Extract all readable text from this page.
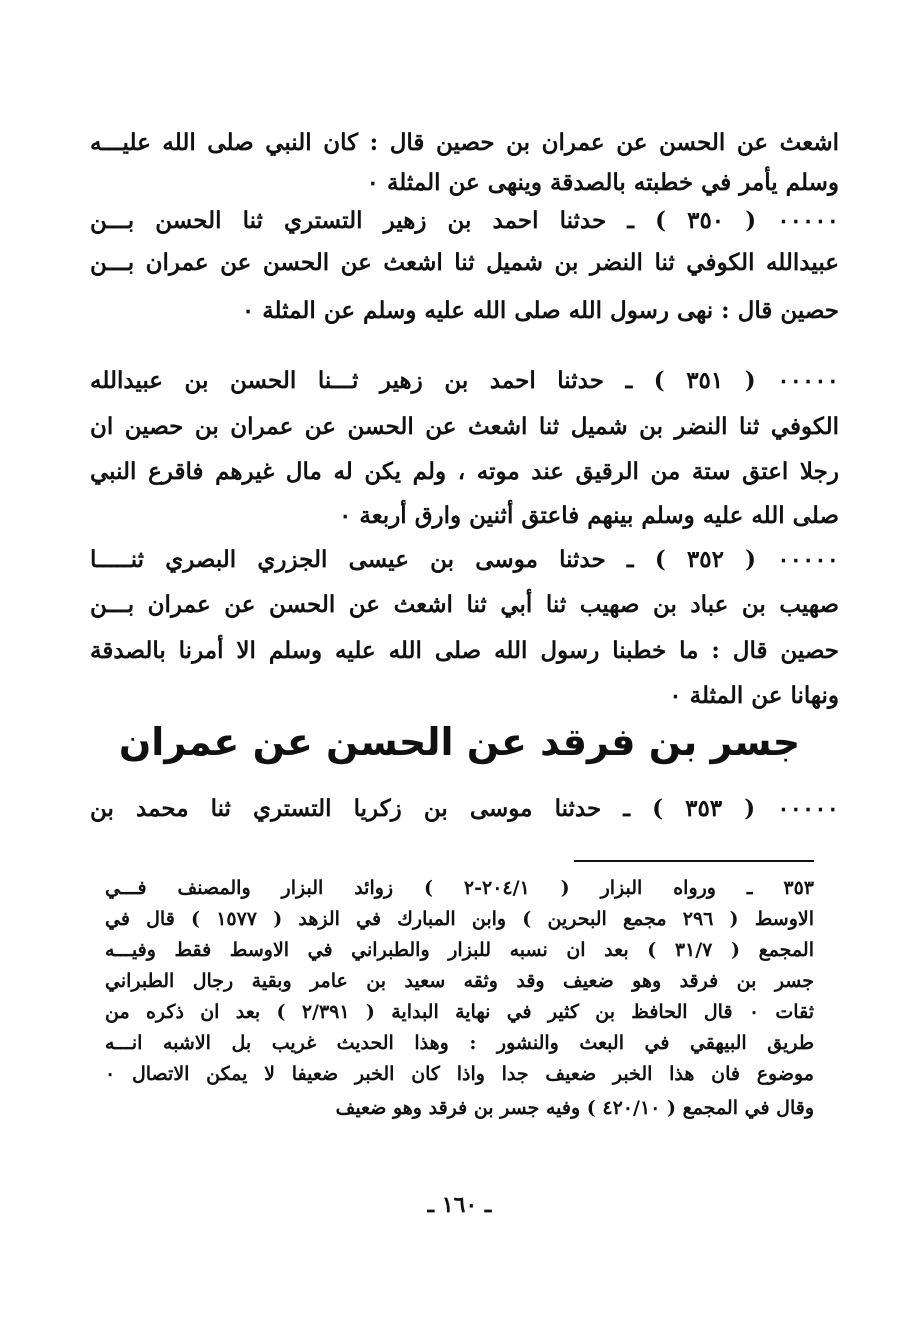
اشعث عن الحسن عن عمران بن حصين قال : كان النبي صلى الله عليـــه
وسلم يأمر في خطبته بالصدقة وينهى عن المثلة ٠
٠٠٠٠٠ ( ٣٥٠ ) ـ حدثنا احمد بن زهير التستري ثنا الحسن بـــن
عبيدالله الكوفي ثنا النضر بن شميل ثنا اشعث عن الحسن عن عمران بـــن
حصين قال : نهى رسول الله صلى الله عليه وسلم عن المثلة ٠
٠٠٠٠٠ ( ٣٥١ ) ـ حدثنا احمد بن زهير ثـــنا الحسن بن عبيدالله
الكوفي ثنا النضر بن شميل ثنا اشعث عن الحسن عن عمران بن حصين ان
رجلا اعتق ستة من الرقيق عند موته ، ولم يكن له مال غيرهم فاقرع النبي
صلى الله عليه وسلم بينهم فاعتق أثنين وارق أربعة ٠
٠٠٠٠٠ ( ٣٥٢ ) ـ حدثنا موسى بن عيسى الجزري البصري ثنـــــا
صهيب بن عباد بن صهيب ثنا أبي ثنا اشعث عن الحسن عن عمران بـــن
حصين قال : ما خطبنا رسول الله صلى الله عليه وسلم الا أمرنا بالصدقة
ونهانا عن المثلة ٠
جسر بن فرقد عن الحسن عن عمران
٠٠٠٠٠ ( ٣٥٣ ) ـ حدثنا موسى بن زكريا التستري ثنا محمد بن
٣٥٣ ـ ورواه البزار ( ٢٠٤/١-٢ ) زوائد البزار والمصنف فـــي
الاوسط ( ٢٩٦ مجمع البحرين ) وابن المبارك في الزهد ( ١٥٧٧ ) قال في
المجمع ( ٣١/٧ ) بعد ان نسبه للبزار والطبراني في الاوسط فقط وفيـــه
جسر بن فرقد وهو ضعيف وقد وثقه سعيد بن عامر وبقية رجال الطبراني
ثقات ٠ قال الحافظ بن كثير في نهاية البداية ( ٢/٣٩١ ) بعد ان ذكره من
طريق البيهقي في البعث والنشور : وهذا الحديث غريب بل الاشبه انـــه
موضوع فان هذا الخبر ضعيف جدا واذا كان الخبر ضعيفا لا يمكن الاتصال ٠
وقال في المجمع ( ٤٢٠/١٠ ) وفيه جسر بن فرقد وهو ضعيف
ـ ١٦٠ ـ
